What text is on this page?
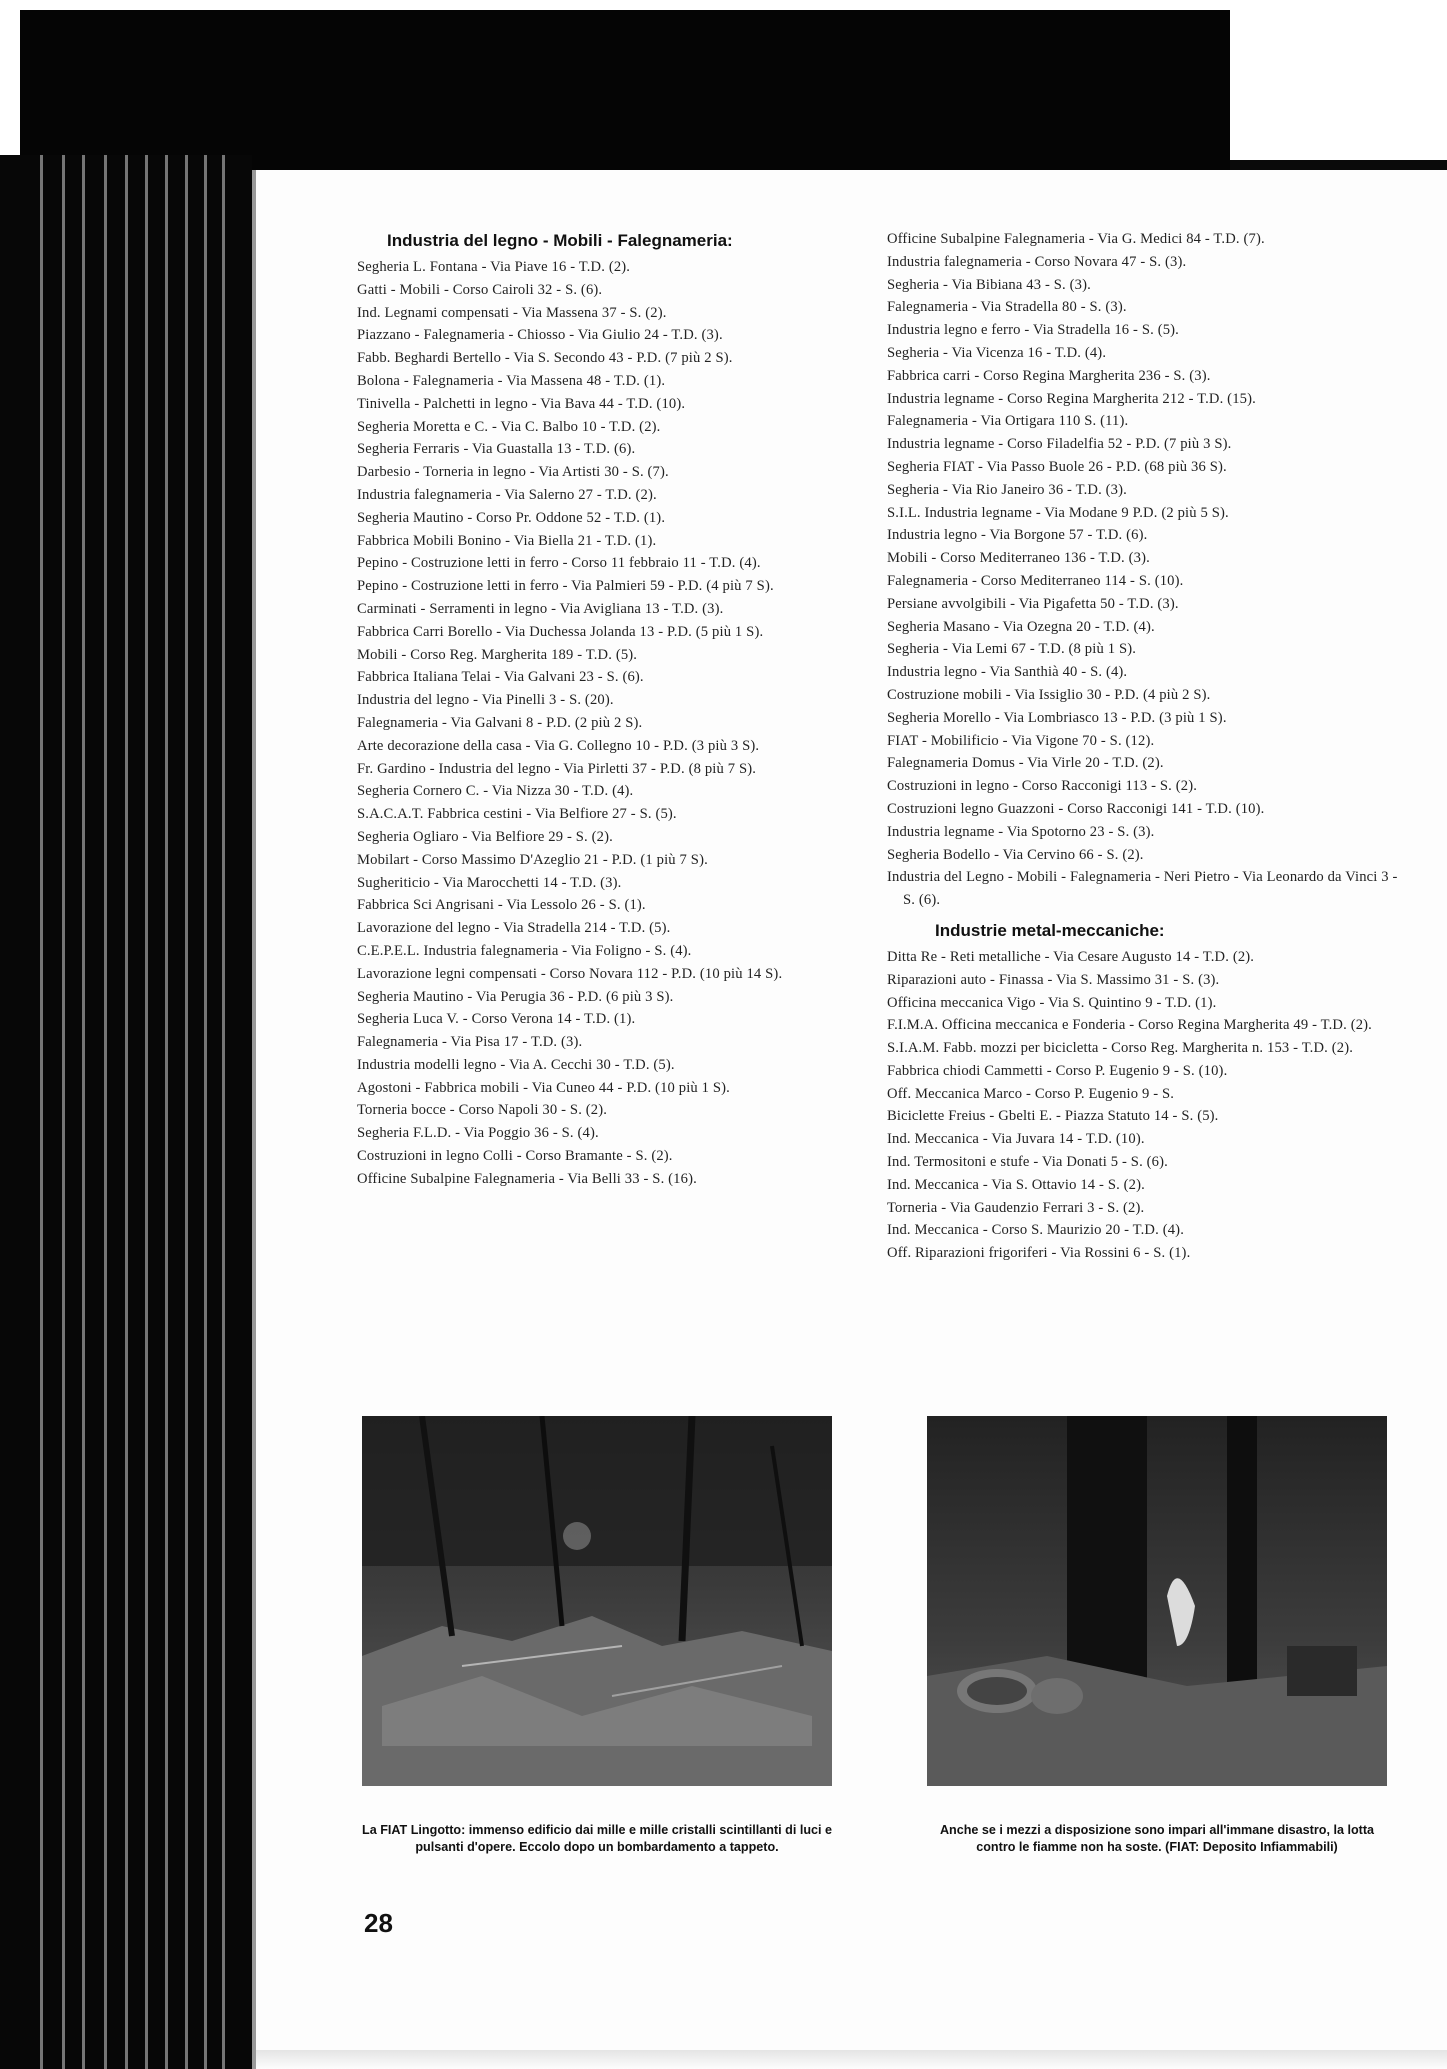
Industria del legno - Mobili - Falegnameria:
Segheria L. Fontana - Via Piave 16 - T.D. (2).
Gatti - Mobili - Corso Cairoli 32 - S. (6).
Ind. Legnami compensati - Via Massena 37 - S. (2).
Piazzano - Falegnameria - Chiosso - Via Giulio 24 - T.D. (3).
Fabb. Beghardi Bertello - Via S. Secondo 43 - P.D. (7 più 2 S).
Bolona - Falegnameria - Via Massena 48 - T.D. (1).
Tinivella - Palchetti in legno - Via Bava 44 - T.D. (10).
Segheria Moretta e C. - Via C. Balbo 10 - T.D. (2).
Segheria Ferraris - Via Guastalla 13 - T.D. (6).
Darbesio - Torneria in legno - Via Artisti 30 - S. (7).
Industria falegnameria - Via Salerno 27 - T.D. (2).
Segheria Mautino - Corso Pr. Oddone 52 - T.D. (1).
Fabbrica Mobili Bonino - Via Biella 21 - T.D. (1).
Pepino - Costruzione letti in ferro - Corso 11 febbraio 11 - T.D. (4).
Pepino - Costruzione letti in ferro - Via Palmieri 59 - P.D. (4 più 7 S).
Carminati - Serramenti in legno - Via Avigliana 13 - T.D. (3).
Fabbrica Carri Borello - Via Duchessa Jolanda 13 - P.D. (5 più 1 S).
Mobili - Corso Reg. Margherita 189 - T.D. (5).
Fabbrica Italiana Telai - Via Galvani 23 - S. (6).
Industria del legno - Via Pinelli 3 - S. (20).
Falegnameria - Via Galvani 8 - P.D. (2 più 2 S).
Arte decorazione della casa - Via G. Collegno 10 - P.D. (3 più 3 S).
Fr. Gardino - Industria del legno - Via Pirletti 37 - P.D. (8 più 7 S).
Segheria Cornero C. - Via Nizza 30 - T.D. (4).
S.A.C.A.T. Fabbrica cestini - Via Belfiore 27 - S. (5).
Segheria Ogliaro - Via Belfiore 29 - S. (2).
Mobilart - Corso Massimo D'Azeglio 21 - P.D. (1 più 7 S).
Sugheriticio - Via Marocchetti 14 - T.D. (3).
Fabbrica Sci Angrisani - Via Lessolo 26 - S. (1).
Lavorazione del legno - Via Stradella 214 - T.D. (5).
C.E.P.E.L. Industria falegnameria - Via Foligno - S. (4).
Lavorazione legni compensati - Corso Novara 112 - P.D. (10 più 14 S).
Segheria Mautino - Via Perugia 36 - P.D. (6 più 3 S).
Segheria Luca V. - Corso Verona 14 - T.D. (1).
Falegnameria - Via Pisa 17 - T.D. (3).
Industria modelli legno - Via A. Cecchi 30 - T.D. (5).
Agostoni - Fabbrica mobili - Via Cuneo 44 - P.D. (10 più 1 S).
Torneria bocce - Corso Napoli 30 - S. (2).
Segheria F.L.D. - Via Poggio 36 - S. (4).
Costruzioni in legno Colli - Corso Bramante - S. (2).
Officine Subalpine Falegnameria - Via Belli 33 - S. (16).
Officine Subalpine Falegnameria - Via G. Medici 84 - T.D. (7).
Industria falegnameria - Corso Novara 47 - S. (3).
Segheria - Via Bibiana 43 - S. (3).
Falegnameria - Via Stradella 80 - S. (3).
Industria legno e ferro - Via Stradella 16 - S. (5).
Segheria - Via Vicenza 16 - T.D. (4).
Fabbrica carri - Corso Regina Margherita 236 - S. (3).
Industria legname - Corso Regina Margherita 212 - T.D. (15).
Falegnameria - Via Ortigara 110 S. (11).
Industria legname - Corso Filadelfia 52 - P.D. (7 più 3 S).
Segheria FIAT - Via Passo Buole 26 - P.D. (68 più 36 S).
Segheria - Via Rio Janeiro 36 - T.D. (3).
S.I.L. Industria legname - Via Modane 9 P.D. (2 più 5 S).
Industria legno - Via Borgone 57 - T.D. (6).
Mobili - Corso Mediterraneo 136 - T.D. (3).
Falegnameria - Corso Mediterraneo 114 - S. (10).
Persiane avvolgibili - Via Pigafetta 50 - T.D. (3).
Segheria Masano - Via Ozegna 20 - T.D. (4).
Segheria - Via Lemi 67 - T.D. (8 più 1 S).
Industria legno - Via Santhià 40 - S. (4).
Costruzione mobili - Via Issiglio 30 - P.D. (4 più 2 S).
Segheria Morello - Via Lombriasco 13 - P.D. (3 più 1 S).
FIAT - Mobilificio - Via Vigone 70 - S. (12).
Falegnameria Domus - Via Virle 20 - T.D. (2).
Costruzioni in legno - Corso Racconigi 113 - S. (2).
Costruzioni legno Guazzoni - Corso Racconigi 141 - T.D. (10).
Industria legname - Via Spotorno 23 - S. (3).
Segheria Bodello - Via Cervino 66 - S. (2).
Industria del Legno - Mobili - Falegnameria - Neri Pietro - Via Leonardo da Vinci 3 - S. (6).
Industrie metal-meccaniche:
Ditta Re - Reti metalliche - Via Cesare Augusto 14 - T.D. (2).
Riparazioni auto - Finassa - Via S. Massimo 31 - S. (3).
Officina meccanica Vigo - Via S. Quintino 9 - T.D. (1).
F.I.M.A. Officina meccanica e Fonderia - Corso Regina Margherita 49 - T.D. (2).
S.I.A.M. Fabb. mozzi per bicicletta - Corso Reg. Margherita n. 153 - T.D. (2).
Fabbrica chiodi Cammetti - Corso P. Eugenio 9 - S. (10).
Off. Meccanica Marco - Corso P. Eugenio 9 - S.
Biciclette Freius - Gbelti E. - Piazza Statuto 14 - S. (5).
Ind. Meccanica - Via Juvara 14 - T.D. (10).
Ind. Termositoni e stufe - Via Donati 5 - S. (6).
Ind. Meccanica - Via S. Ottavio 14 - S. (2).
Torneria - Via Gaudenzio Ferrari 3 - S. (2).
Ind. Meccanica - Corso S. Maurizio 20 - T.D. (4).
Off. Riparazioni frigoriferi - Via Rossini 6 - S. (1).
La FIAT Lingotto: immenso edificio dai mille e mille cristalli scintillanti di luci e pulsanti d'opere. Eccolo dopo un bombardamento a tappeto.
Anche se i mezzi a disposizione sono impari all'immane disastro, la lotta contro le fiamme non ha soste. (FIAT: Deposito Infiammabili)
28
